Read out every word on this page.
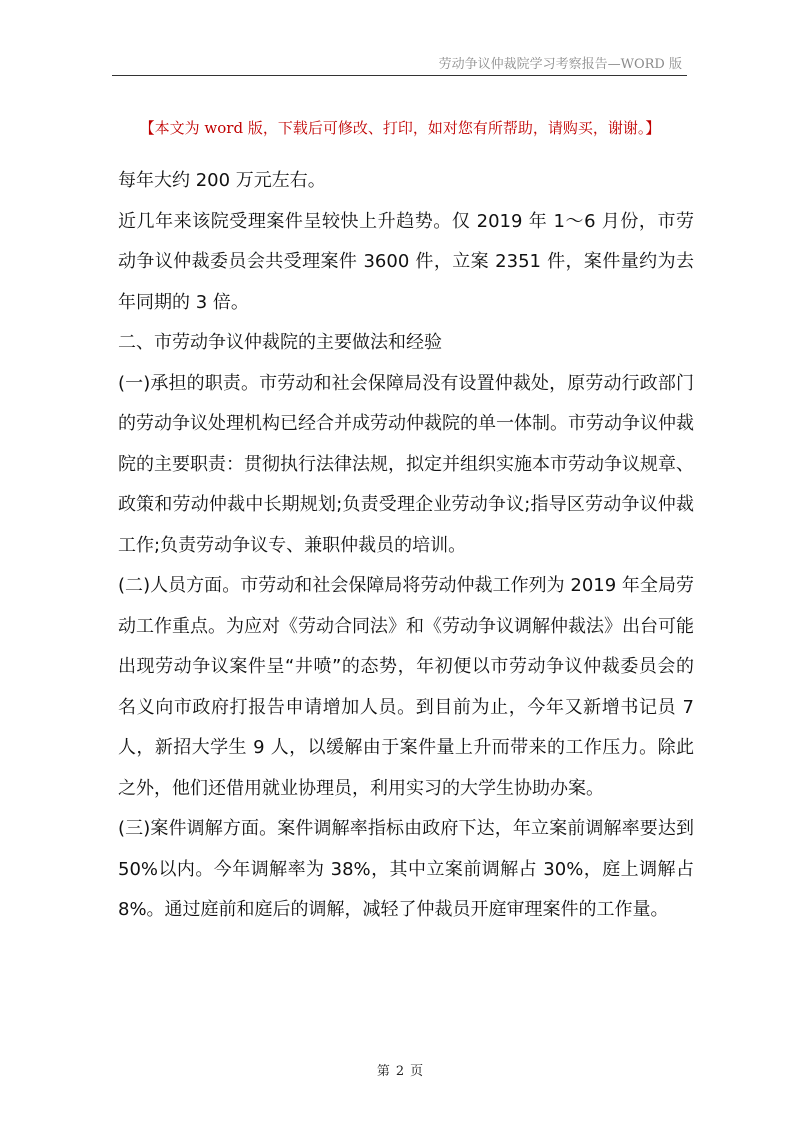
劳动争议仲裁院学习考察报告—WORD 版
【本文为 word 版，下载后可修改、打印，如对您有所帮助，请购买，谢谢。】

每年大约 200 万元左右。

近几年来该院受理案件呈较快上升趋势。仅 2019 年 1～6 月份，市劳动争议仲裁委员会共受理案件 3600 件，立案 2351 件，案件量约为去年同期的 3 倍。

二、市劳动争议仲裁院的主要做法和经验

(一)承担的职责。市劳动和社会保障局没有设置仲裁处，原劳动行政部门的劳动争议处理机构已经合并成劳动仲裁院的单一体制。市劳动争议仲裁院的主要职责：贯彻执行法律法规，拟定并组织实施本市劳动争议规章、政策和劳动仲裁中长期规划;负责受理企业劳动争议;指导区劳动争议仲裁工作;负责劳动争议专、兼职仲裁员的培训。

(二)人员方面。市劳动和社会保障局将劳动仲裁工作列为 2019 年全局劳动工作重点。为应对《劳动合同法》和《劳动争议调解仲裁法》出台可能出现劳动争议案件呈“井喷”的态势，年初便以市劳动争议仲裁委员会的名义向市政府打报告申请增加人员。到目前为止，今年又新增书记员 7 人，新招大学生 9 人，以缓解由于案件量上升而带来的工作压力。除此之外，他们还借用就业协理员，利用实习的大学生协助办案。

(三)案件调解方面。案件调解率指标由政府下达，年立案前调解率要达到 50%以内。今年调解率为 38%，其中立案前调解占 30%，庭上调解占 8%。通过庭前和庭后的调解，减轻了仲裁员开庭审理案件的工作量。

第 2 页
